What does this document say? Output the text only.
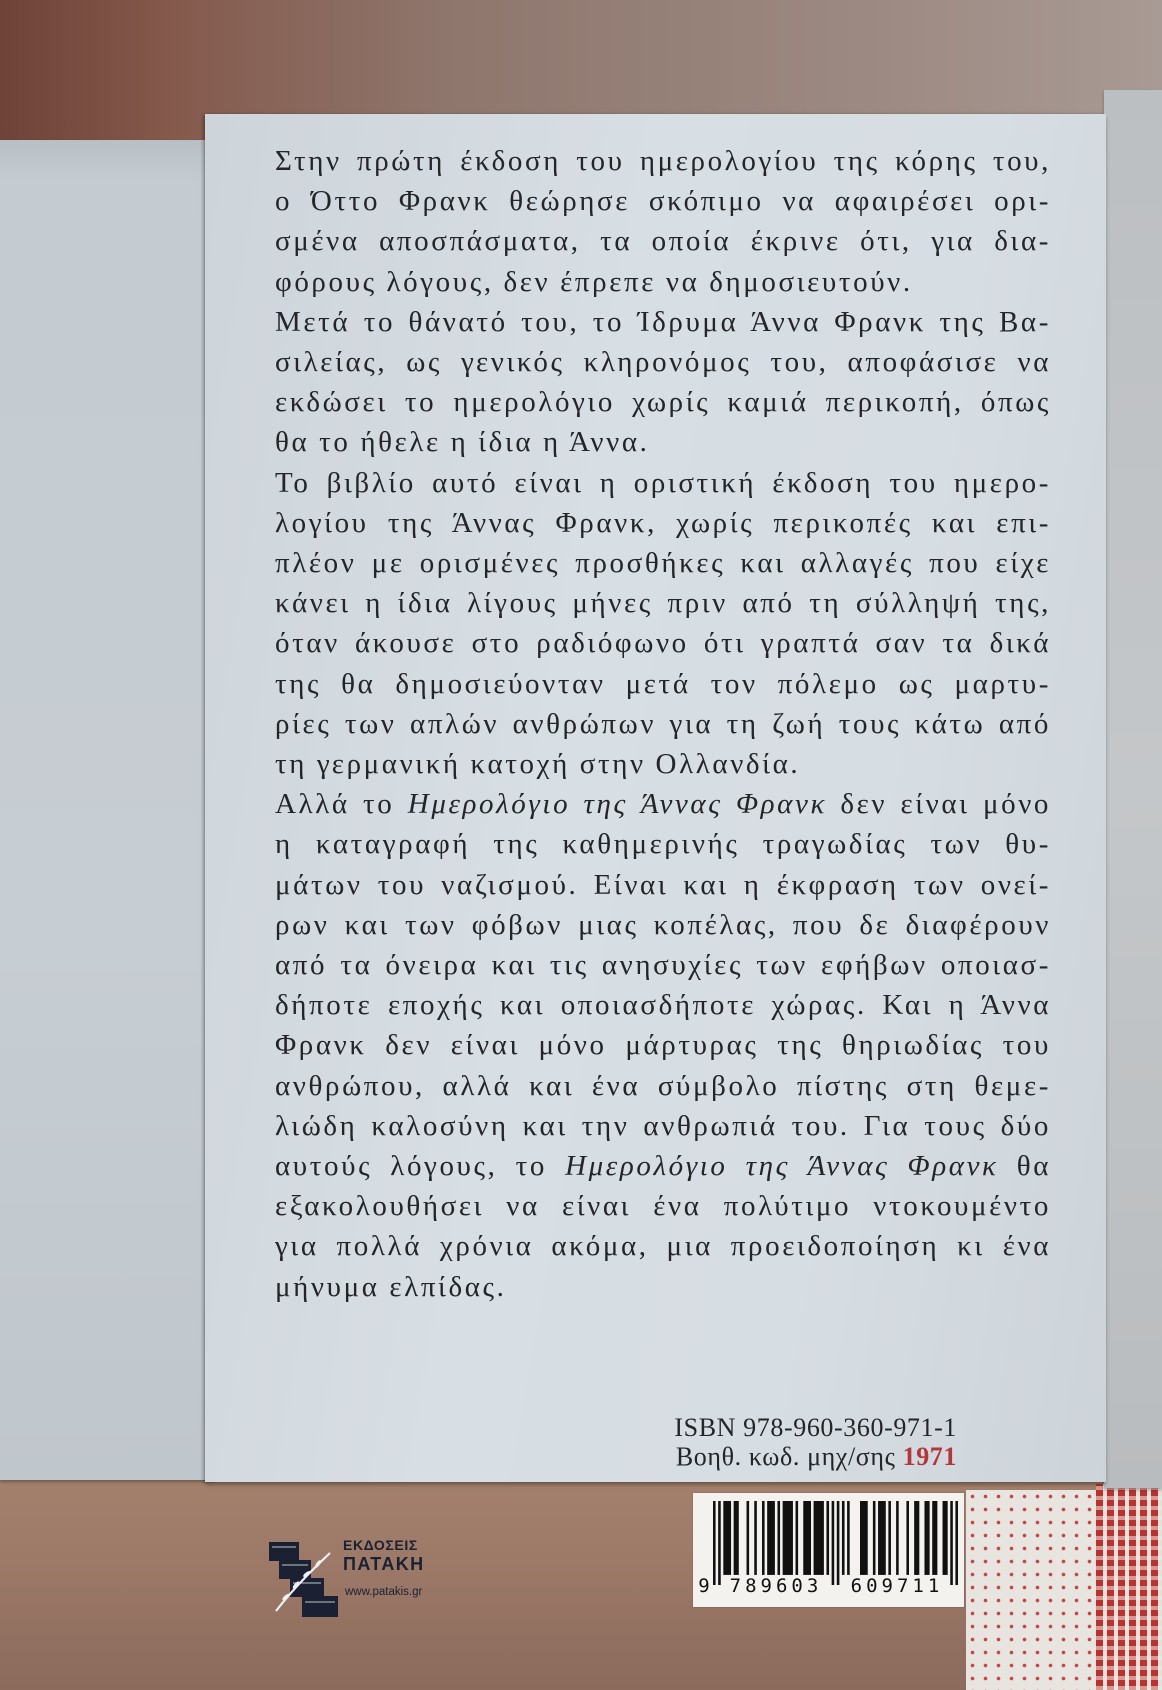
Στην πρώτη έκδοση του ημερολογίου της κόρης του,
ο Όττο Φρανκ θεώρησε σκόπιμο να αφαιρέσει ορι-
σμένα αποσπάσματα, τα οποία έκρινε ότι, για δια-
φόρους λόγους, δεν έπρεπε να δημοσιευτούν.
Μετά το θάνατό του, το Ίδρυμα Άννα Φρανκ της Βα-
σιλείας, ως γενικός κληρονόμος του, αποφάσισε να
εκδώσει το ημερολόγιο χωρίς καμιά περικοπή, όπως
θα το ήθελε η ίδια η Άννα.
Το βιβλίο αυτό είναι η οριστική έκδοση του ημερο-
λογίου της Άννας Φρανκ, χωρίς περικοπές και επι-
πλέον με ορισμένες προσθήκες και αλλαγές που είχε
κάνει η ίδια λίγους μήνες πριν από τη σύλληψή της,
όταν άκουσε στο ραδιόφωνο ότι γραπτά σαν τα δικά
της θα δημοσιεύονταν μετά τον πόλεμο ως μαρτυ-
ρίες των απλών ανθρώπων για τη ζωή τους κάτω από
τη γερμανική κατοχή στην Ολλανδία.
Αλλά το Ημερολόγιο της Άννας Φρανκ δεν είναι μόνο
η καταγραφή της καθημερινής τραγωδίας των θυ-
μάτων του ναζισμού. Είναι και η έκφραση των ονεί-
ρων και των φόβων μιας κοπέλας, που δε διαφέρουν
από τα όνειρα και τις ανησυχίες των εφήβων οποιασ-
δήποτε εποχής και οποιασδήποτε χώρας. Και η Άννα
Φρανκ δεν είναι μόνο μάρτυρας της θηριωδίας του
ανθρώπου, αλλά και ένα σύμβολο πίστης στη θεμε-
λιώδη καλοσύνη και την ανθρωπιά του. Για τους δύο
αυτούς λόγους, το Ημερολόγιο της Άννας Φρανκ θα
εξακολουθήσει να είναι ένα πολύτιμο ντοκουμέντο
για πολλά χρόνια ακόμα, μια προειδοποίηση κι ένα
μήνυμα ελπίδας.
ISBN 978-960-360-971-1
Βοηθ. κωδ. μηχ/σης 1971
9	789603	609711
ΕΚΔΟΣΕΙΣ
ΠΑΤΑΚΗ
www.patakis.gr
